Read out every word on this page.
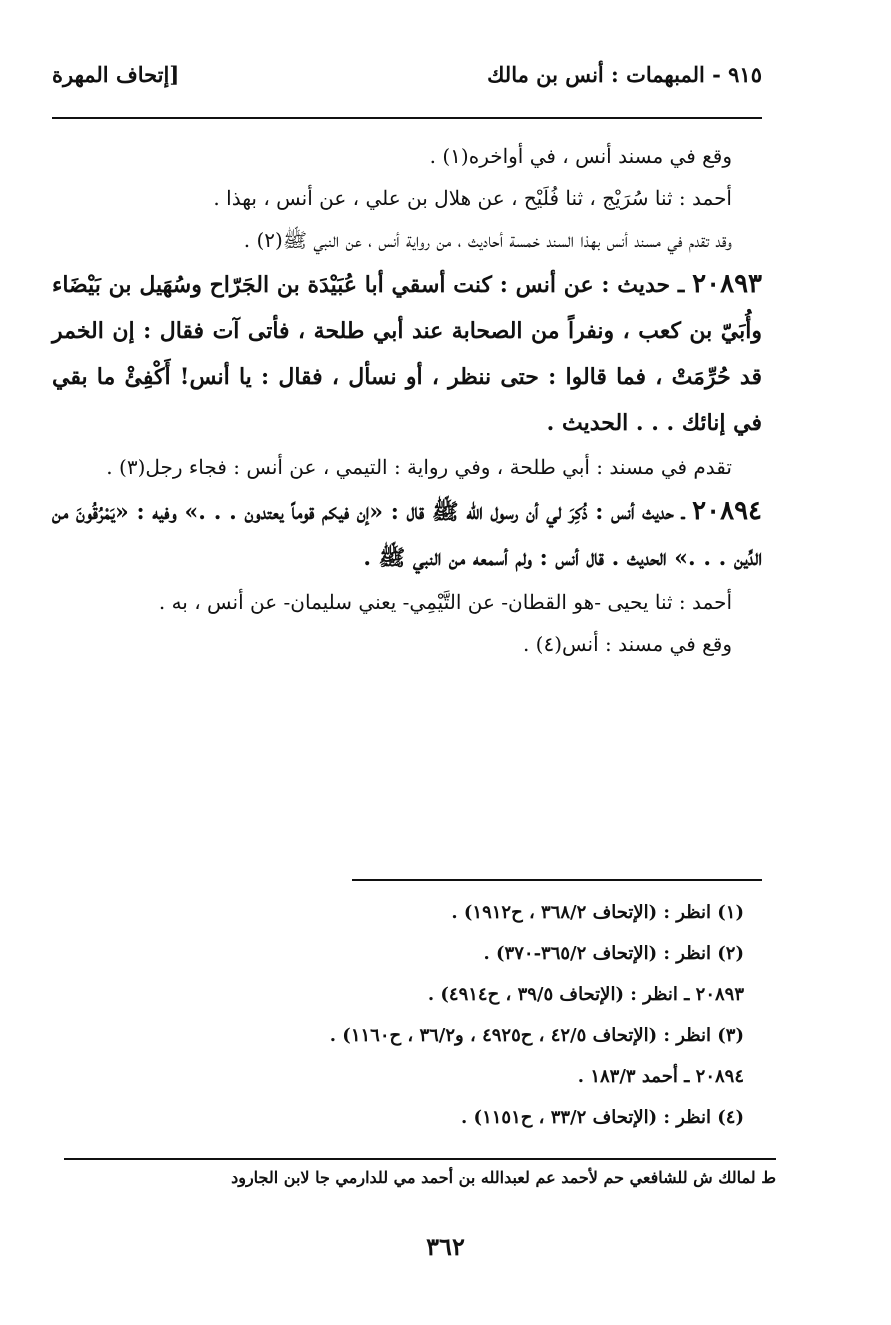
٩١٥ - المبهمات : أنس بن مالك
[إتحاف المهرة

وقع في مسند أنس ، في أواخره(١) .

أحمد : ثنا سُرَيْج ، ثنا فُلَيْح ، عن هلال بن علي ، عن أنس ، بهذا .

وقد تقدم في مسند أنس بهذا السند خمسة أحاديث ، من رواية أنس ، عن النبي ﷺ(٢) .

٢٠٨٩٣ ـ حديث : عن أنس : كنت أسقي أبا عُبَيْدَة بن الجَرّاح وسُهَيل بن بَيْضَاء وأُبَيّ بن كعب ، ونفراً من الصحابة عند أبي طلحة ، فأتى آت فقال : إن الخمر قد حُرِّمَتْ ، فما قالوا : حتى ننظر ، أو نسأل ، فقال : يا أنس! أَكْفِئْ ما بقي في إنائك . . . الحديث .

تقدم في مسند : أبي طلحة ، وفي رواية : التيمي ، عن أنس : فجاء رجل(٣) .

٢٠٨٩٤ ـ حديث أنس : ذُكِرَ لي أن رسول الله ﷺ قال : «إن فيكم قوماً يعتدون . . .» وفيه : «يَمْرُقُونَ من الدِّين . . .» الحديث . قال أنس : ولم أسمعه من النبي ﷺ .

أحمد : ثنا يحيى -هو القطان- عن التَّيْمِي- يعني سليمان- عن أنس ، به .

وقع في مسند : أنس(٤) .

(١) انظر : (الإتحاف ٣٦٨/٢ ، ح١٩١٢) .

(٢) انظر : (الإتحاف ٣٦٥/٢-٣٧٠) .

٢٠٨٩٣ ـ انظر : (الإتحاف ٣٩/٥ ، ح٤٩١٤) .

(٣) انظر : (الإتحاف ٤٢/٥ ، ح٤٩٢٥ ، و٣٦/٢ ، ح١١٦٠) .

٢٠٨٩٤ ـ أحمد ١٨٣/٣ .

(٤) انظر : (الإتحاف ٣٣/٢ ، ح١١٥١) .

ط لمالك ش للشافعي حم لأحمد عم لعبدالله بن أحمد مي للدارمي جا لابن الجارود
٣٦٢
